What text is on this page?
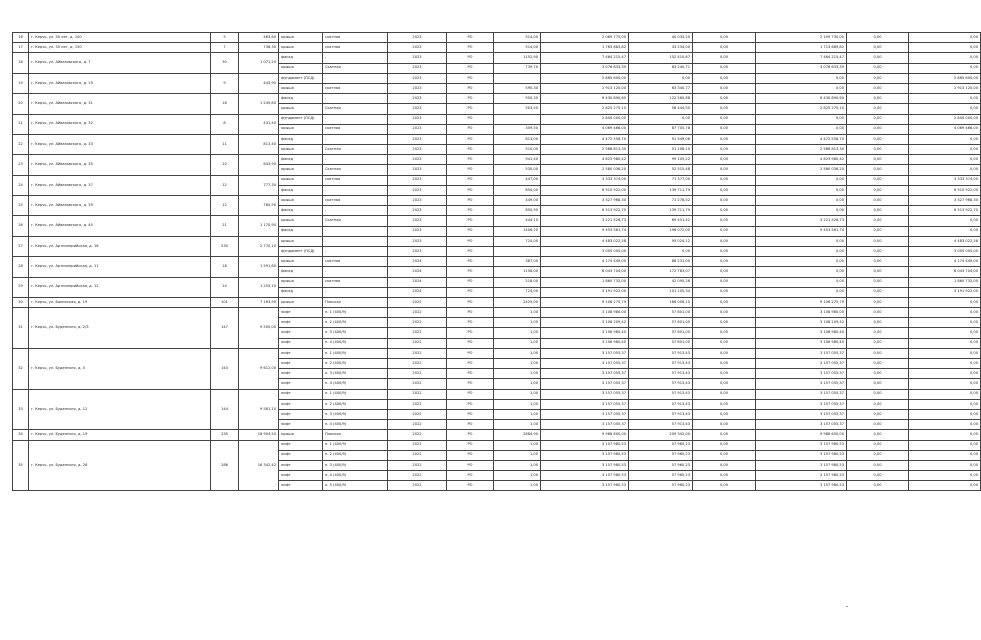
16	г. Керчь, ул. 50 лет, д. 100	5	463,60	крыша	скатная	2023	РО	514,00	2 069 775,00	40 035,20	0,00	2 109 730,00	0,00	0,00
17	г. Керчь, ул. 50 лет, д. 150	7	736,30	крыша	скатная	2023	РО	514,00	1 763 883,82	33 234,00	0,00	1 713 689,82	0,00	0,00
18	г. Керчь, ул. Айвазовского, д. 7	30	1 071,20	фасад	-	2023	РО	1152,90	7 464 215,47	152 410,67	0,00	7 464 215,47	0,00	0,00
				крыша	Скатная	2023	РО	739,70	3 076 633,39	63 240,71	0,00	3 076 633,39	0,00	0,00
19	г. Керчь, ул. Айвазовского, д. 19	9	443,90	фундамент (ПСД)	-	2023	РО		2 865 600,00	0,00	0,00	0,00	0,00	2 865 600,00
				крыша	скатная	2023	РО	590,30	2 913 120,00	63 340,77	0,00	0,00	0,00	2 913 120,00
20	г. Керчь, ул. Айвазовского, д. 31	16	1 249,80	фасад	-	2023	РО	950,30	6 430 890,60	122 560,88	0,00	6 430 890,60	0,00	0,00
				крыша	Скатная	2023	РО	503,50	2 825 275,10	58 444,50	0,00	2 825 275,10	0,00	0,00
21	г. Керчь, ул. Айвазовского, д. 32	8	431,40	фундамент (ПСД)	-	2023	РО		2 800 000,00	0,00	0,00	0,00	0,00	2 800 000,00
				крыша	скатная	2023	РО	359,50	4 069 466,00	87 705,78	0,00	0,00	0,00	4 069 466,00
22	г. Керчь, ул. Айвазовского, д. 33	11	813,40	фасад	-	2023	РО	813,00	4 472 558,70	91 549,06	0,00	4 472 558,70	0,00	0,00
				крыша	Скатная	2023	РО	510,00	2 588 813,30	51 108,10	0,00	2 588 813,30	0,00	0,00
23	г. Керчь, ул. Айвазовского, д. 35	10	643,90	фасад	-	2023	РО	941,40	4 625 980,42	99 105,22	0,00	4 625 980,42	0,00	0,00
				крыша	Скатная	2023	РО	530,00	2 580 036,20	52 515,48	0,00	2 580 036,20	0,00	0,00
24	г. Керчь, ул. Айвазовского, д. 37	12	777,30	крыша	скатная	2023	РО	447,00	3 333 374,00	71 377,00	0,00	0,00	0,00	3 333 374,00
				фасад	-	2023	РО	850,00	6 515 922,00	139 711,79	0,00	0,00	0,00	6 515 922,00
25	г. Керчь, ул. Айвазовского, д. 39	12	780,90	крыша	скатная	2023	РО	449,00	3 327 968,30	71 278,52	0,00	0,00	0,00	3 327 968,30
				фасад	-	2023	РО	850,90	6 513 922,70	139 711,79	0,00	0,00	0,00	6 513 922,70
26	г. Керчь, ул. Айвазовского, д. 40	21	1 170,90	крыша	Скатная	2023	РО	444,10	3 221 526,73	69 451,42	0,00	3 221 526,73	0,00	0,00
				фасад	-	2023	РО	1406,20	9 453 561,74	196 072,00	0,00	9 453 561,74	0,00	0,00
27	г. Керчь, ул. Артиллерийская, д. 16	230	2 770,10	крыша	-	2023	РО	724,00	4 483 022,58	95 024,12	0,00	0,00	0,00	4 483 022,58
				фундамент (ПСД)	-	2023	РО		3 000 000,00	0,00	0,00	0,00	0,00	3 000 000,00
28	г. Керчь, ул. Артиллерийская, д. 11	18	1 591,80	крыша	скатная	2024	РО	387,00	4 174 449,00	88 231,00	0,00	0,00	0,00	4 174 449,00
				фасад	-	2024	РО	1158,00	8 043 704,00	172 783,07	0,00	0,00	0,00	8 043 704,00
29	г. Керчь, ул. Артиллерийская, д. 12	14	1 255,10	крыша	скатная	2024	РО	218,00	1 860 732,00	42 095,26	0,00	0,00	0,00	1 860 732,00
				фасад	-	2024	РО	724,00	5 191 922,00	101 105,34	0,00	0,00	0,00	5 191 922,00
30	г. Керчь, ул. Бакинская, д. 19	101	7 163,90	крыша	Плоская	2022	РО	2425,00	9 106 275,79	188 006,15	0,00	9 106 275,79	0,00	0,00
31	г. Керчь, ул. Буденного, д. 2/3	147	9 500,00	лифт	п. 1 (400/9)	2022	РО	1,00	3 108 980,00	57 601,00	0,00	3 108 980,00	0,00	0,00
				лифт	п. 2 (400/9)	2022	РО	1,00	3 106 209,42	57 601,00	0,00	3 106 209,42	0,00	0,00
				лифт	п. 3 (400/9)	2022	РО	1,00	3 106 980,40	57 601,00	0,00	3 106 980,40	0,00	0,00
				лифт	п. 4 (400/9)	2022	РО	1,00	3 106 980,40	57 601,00	0,00	3 106 980,40	0,00	0,00
32	г. Керчь, ул. Буденного, д. 5	143	9 612,00	лифт	п. 1 (400/9)	2022	РО	1,00	3 157 055,37	57 913,43	0,00	3 157 055,37	0,00	0,00
				лифт	п. 2 (400/9)	2022	РО	1,00	3 157 055,37	57 913,43	0,00	3 157 055,37	0,00	0,00
				лифт	п. 3 (400/9)	2022	РО	1,00	3 157 055,37	57 913,43	0,00	3 157 055,37	0,00	0,00
				лифт	п. 4 (400/9)	2022	РО	1,00	3 157 055,37	57 913,43	0,00	3 157 055,37	0,00	0,00
33	г. Керчь, ул. Буденного, д. 12	144	9 581,10	лифт	п. 1 (400/9)	2022	РО	1,00	3 157 055,37	57 913,43	0,00	3 157 055,37	0,00	0,00
				лифт	п. 2 (400/9)	2022	РО	1,00	3 157 055,37	57 913,43	0,00	3 157 055,37	0,00	0,00
				лифт	п. 3 (400/9)	2022	РО	1,00	3 157 055,37	57 913,43	0,00	3 157 055,37	0,00	0,00
				лифт	п. 4 (400/9)	2022	РО	1,00	3 157 055,37	57 913,43	0,00	3 157 055,37	0,00	0,00
34	г. Керчь, ул. Буденного, д. 19	235	18 904,50	крыша	Плоская	2022	РО	2884,90	9 988 600,00	209 342,00	0,00	9 988 600,00	0,00	0,00
35	г. Керчь, ул. Буденного, д. 26	286	16 342,42	лифт	п. 1 (400/9)	2022	РО	1,00	3 157 980,53	57 960,23	0,00	3 157 980,53	0,00	0,00
				лифт	п. 2 (400/9)	2022	РО	1,00	3 157 980,53	57 960,23	0,00	3 157 980,53	0,00	0,00
				лифт	п. 3 (400/9)	2022	РО	1,00	3 157 980,53	57 960,23	0,00	3 157 980,53	0,00	0,00
				лифт	п. 4 (400/9)	2022	РО	1,00	3 157 980,53	57 960,23	0,00	3 157 980,53	0,00	0,00
				лифт	п. 5 (400/9)	2022	РО	1,00	3 157 980,53	57 960,23	0,00	3 157 980,53	0,00	0,00
